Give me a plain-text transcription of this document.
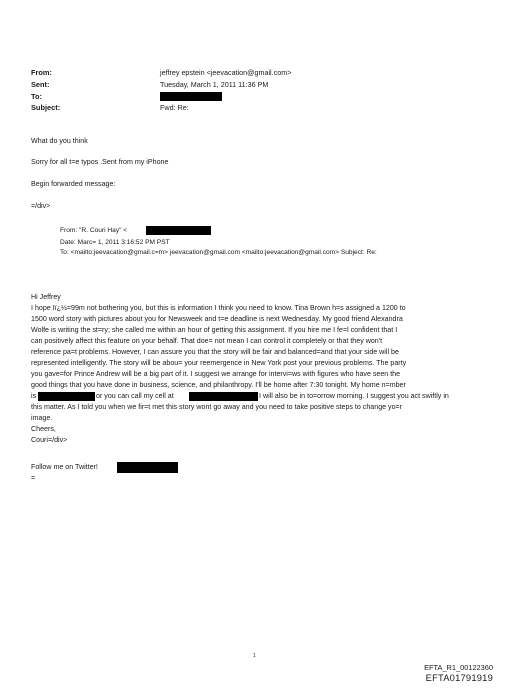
From:
Sent:
To:
Subject:
jeffrey epstein <jeevacation@gmail.com>
Tuesday, March 1, 2011 11:36 PM
Fwd: Re:
What do you think
Sorry for all t=e typos .Sent from my iPhone
Begin forwarded message:
=/div>
From: "R. Couri Hay" <
Date: Marc= 1, 2011 3:16:52 PM PST
To: <mailto:jeevacation@gmail.c=m> jeevacation@gmail.com <mailto:jeevacation@gmail.com> Subject: Re:
Hi Jeffrey
I hope Iï¿½=99m not bothering you, but this is information I think you need to know. Tina Brown h=s assigned a 1200 to
1500 word story with pictures about you for Newsweek and t=e deadline is next Wednesday. My good friend Alexandra
Wolfe is writing the st=ry; she called me within an hour of getting this assignment. If you hire me I fe=l confident that I
can positively affect this feature on your behalf. That doe= not mean I can control it completely or that they won't
reference pa=t problems. However, I can assure you that the story will be fair and balanced=and that your side will be
represented intelligently. The story will be abou= your reemergence in New York post your previous problems. The party
you gave=for Prince Andrew will be a big part of it. I suggest we arrange for intervi=ws with figures who have seen the
good things that you have done in business, science, and philanthropy. I'll be home after 7:30 tonight. My home n=mber
is	or you can call my cell at	I will also be in to=orrow morning. I suggest you act swiftly in
this matter. As I told you when we fir=t met this story wont go away and you need to take positive steps to change yo=r
image.
Cheers,
Couri=/div>
Follow me on Twitter!
=
1
EFTA_R1_00122360
EFTA01791919
